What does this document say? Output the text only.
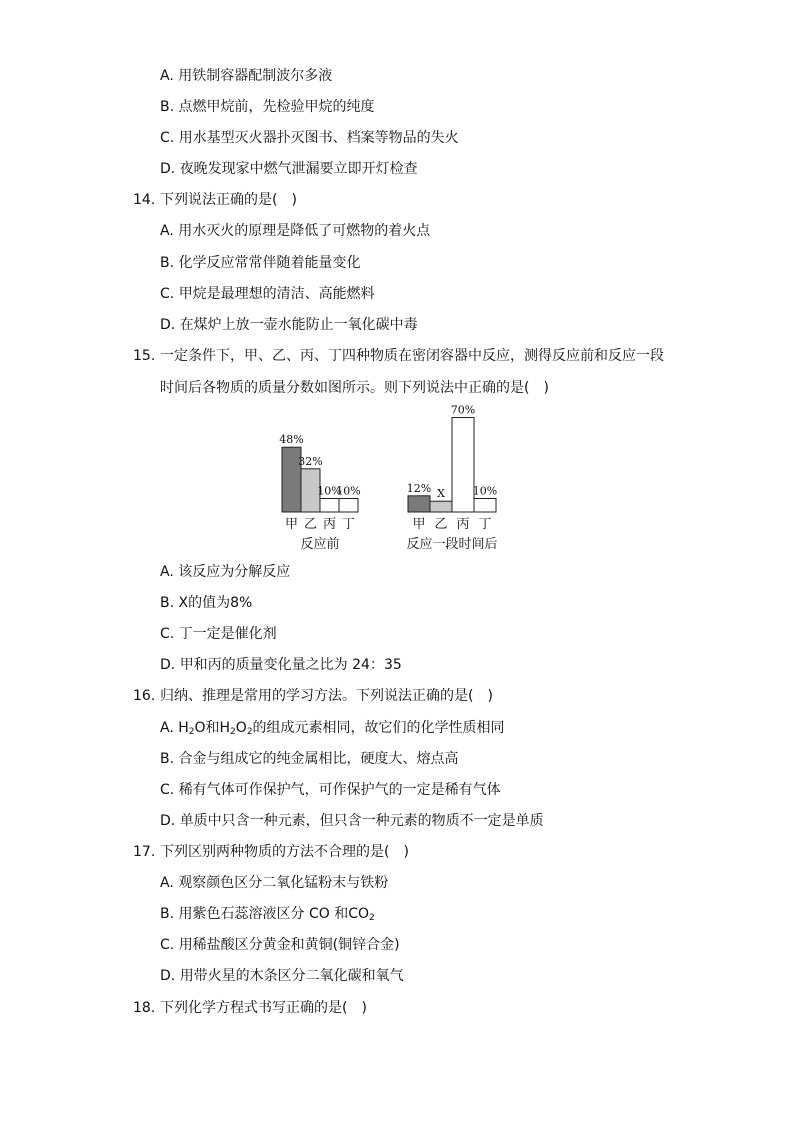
A. 用铁制容器配制波尔多液
B. 点燃甲烷前，先检验甲烷的纯度
C. 用水基型灭火器扑灭图书、档案等物品的失火
D. 夜晚发现家中燃气泄漏要立即开灯检查
14. 下列说法正确的是(　)
A. 用水灭火的原理是降低了可燃物的着火点
B. 化学反应常常伴随着能量变化
C. 甲烷是最理想的清洁、高能燃料
D. 在煤炉上放一壶水能防止一氧化碳中毒
15. 一定条件下，甲、乙、丙、丁四种物质在密闭容器中反应，测得反应前和反应一段
时间后各物质的质量分数如图所示。则下列说法中正确的是(　)
48%
甲
32%
乙
10%
丙
10%
丁
反应前
12%
甲
X
乙
70%
丙
10%
丁
反应一段时间后
A. 该反应为分解反应
B. X的值为8%
C. 丁一定是催化剂
D. 甲和丙的质量变化量之比为 24：35
16. 归纳、推理是常用的学习方法。下列说法正确的是(　)
A. $H_2O$和$H_2O_2$的组成元素相同，故它们的化学性质相同
B. 合金与组成它的纯金属相比，硬度大、熔点高
C. 稀有气体可作保护气，可作保护气的一定是稀有气体
D. 单质中只含一种元素，但只含一种元素的物质不一定是单质
17. 下列区别两种物质的方法不合理的是(　)
A. 观察颜色区分二氧化锰粉末与铁粉
B. 用紫色石蕊溶液区分 CO 和$CO_2$
C. 用稀盐酸区分黄金和黄铜(铜锌合金)
D. 用带火星的木条区分二氧化碳和氧气
18. 下列化学方程式书写正确的是(　)
